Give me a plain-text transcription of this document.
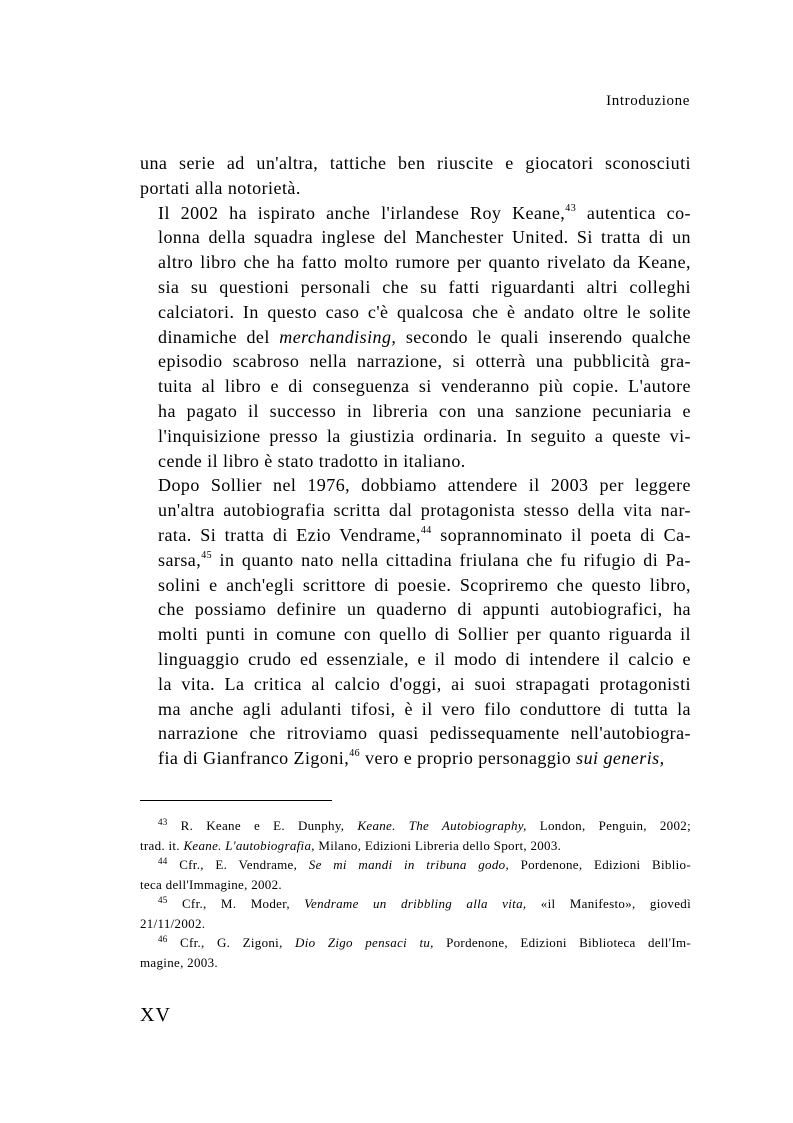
Introduzione

una serie ad un'altra, tattiche ben riuscite e giocatori sconosciuti
portati alla notorietà.

Il 2002 ha ispirato anche l'irlandese Roy Keane,$^{43}$ autentica co-
lonna della squadra inglese del Manchester United. Si tratta di un
altro libro che ha fatto molto rumore per quanto rivelato da Keane,
sia su questioni personali che su fatti riguardanti altri colleghi
calciatori. In questo caso c'è qualcosa che è andato oltre le solite
dinamiche del merchandising, secondo le quali inserendo qualche
episodio scabroso nella narrazione, si otterrà una pubblicità gra-
tuita al libro e di conseguenza si venderanno più copie. L'autore
ha pagato il successo in libreria con una sanzione pecuniaria e
l'inquisizione presso la giustizia ordinaria. In seguito a queste vi-
cende il libro è stato tradotto in italiano.

Dopo Sollier nel 1976, dobbiamo attendere il 2003 per leggere
un'altra autobiografia scritta dal protagonista stesso della vita nar-
rata. Si tratta di Ezio Vendrame,$^{44}$ soprannominato il poeta di Ca-
sarsa,$^{45}$ in quanto nato nella cittadina friulana che fu rifugio di Pa-
solini e anch'egli scrittore di poesie. Scopriremo che questo libro,
che possiamo definire un quaderno di appunti autobiografici, ha
molti punti in comune con quello di Sollier per quanto riguarda il
linguaggio crudo ed essenziale, e il modo di intendere il calcio e
la vita. La critica al calcio d'oggi, ai suoi strapagati protagonisti
ma anche agli adulanti tifosi, è il vero filo conduttore di tutta la
narrazione che ritroviamo quasi pedissequamente nell'autobiogra-
fia di Gianfranco Zigoni,$^{46}$ vero e proprio personaggio sui generis,

$^{43}$ R. Keane e E. Dunphy, Keane. The Autobiography, London, Penguin, 2002;
trad. it. Keane. L'autobiografia, Milano, Edizioni Libreria dello Sport, 2003.

$^{44}$ Cfr., E. Vendrame, Se mi mandi in tribuna godo, Pordenone, Edizioni Biblio-
teca dell'Immagine, 2002.

$^{45}$ Cfr., M. Moder, Vendrame un dribbling alla vita, «il Manifesto», giovedì
21/11/2002.

$^{46}$ Cfr., G. Zigoni, Dio Zigo pensaci tu, Pordenone, Edizioni Biblioteca dell'Im-
magine, 2003.

XV
